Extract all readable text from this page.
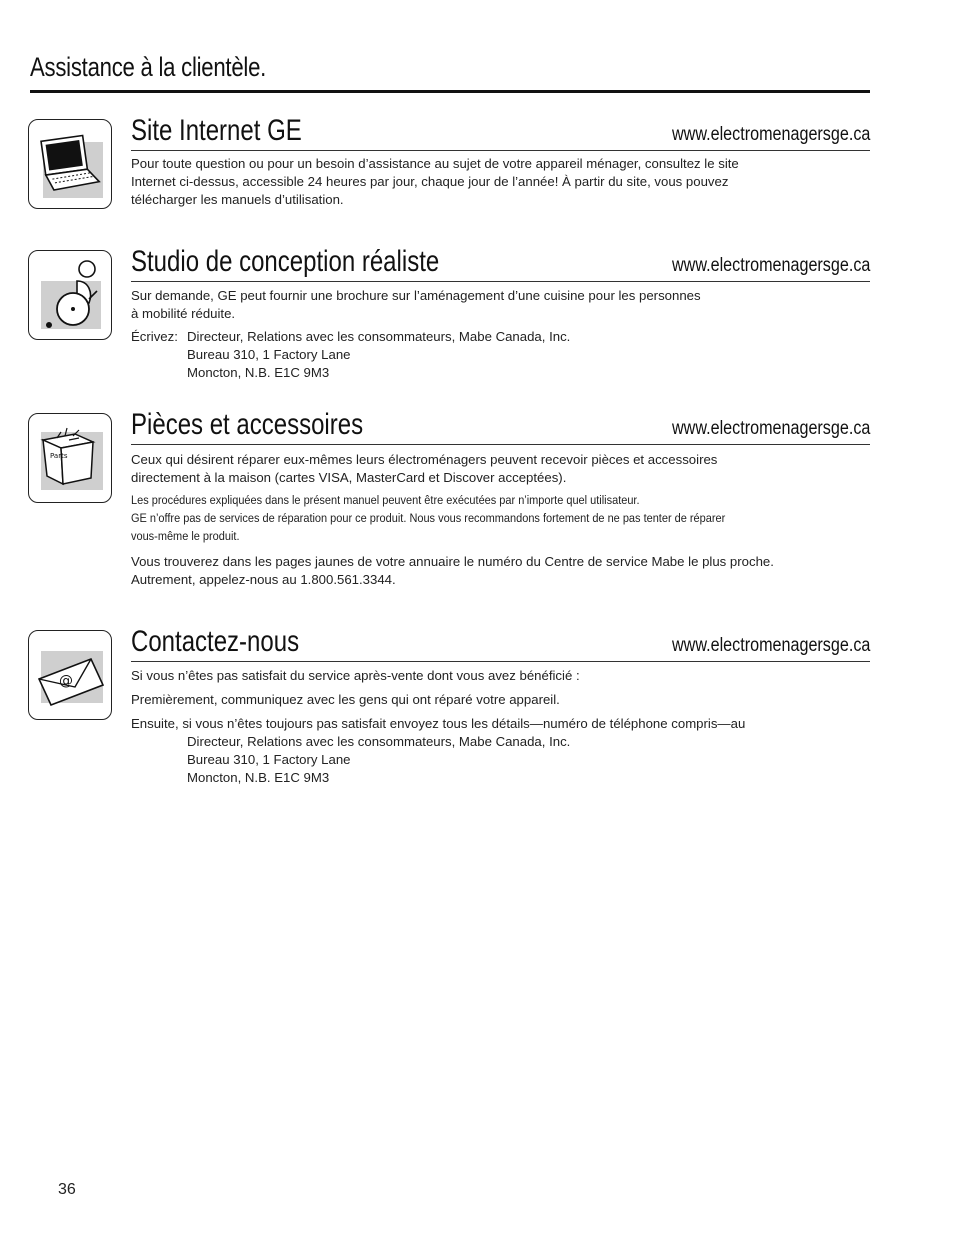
Assistance à la clientèle.
Site Internet GE	www.electromenagersge.ca
Pour toute question ou pour un besoin d’assistance au sujet de votre appareil ménager, consultez le site
Internet ci-dessus, accessible 24 heures par jour, chaque jour de l’année! À partir du site, vous pouvez
télécharger les manuels d’utilisation.
Studio de conception réaliste	www.electromenagersge.ca
Sur demande, GE peut fournir une brochure sur l’aménagement d’une cuisine pour les personnes
à mobilité réduite.
Écrivez: Directeur, Relations avec les consommateurs, Mabe Canada, Inc.
Bureau 310, 1 Factory Lane
Moncton, N.B. E1C 9M3
Parts
Pièces et accessoires	www.electromenagersge.ca
Ceux qui désirent réparer eux-mêmes leurs électroménagers peuvent recevoir pièces et accessoires
directement à la maison (cartes VISA, MasterCard et Discover acceptées).
Les procédures expliquées dans le présent manuel peuvent être exécutées par n’importe quel utilisateur.
GE n’offre pas de services de réparation pour ce produit. Nous vous recommandons fortement de ne pas tenter de réparer
vous-même le produit.
Vous trouverez dans les pages jaunes de votre annuaire le numéro du Centre de service Mabe le plus proche.
Autrement, appelez-nous au 1.800.561.3344.
@
Contactez-nous	www.electromenagersge.ca
Si vous n’êtes pas satisfait du service après-vente dont vous avez bénéficié :
Premièrement, communiquez avec les gens qui ont réparé votre appareil.
Ensuite, si vous n’êtes toujours pas satisfait envoyez tous les détails—numéro de téléphone compris—au
Directeur, Relations avec les consommateurs, Mabe Canada, Inc.
Bureau 310, 1 Factory Lane
Moncton, N.B. E1C 9M3
36
